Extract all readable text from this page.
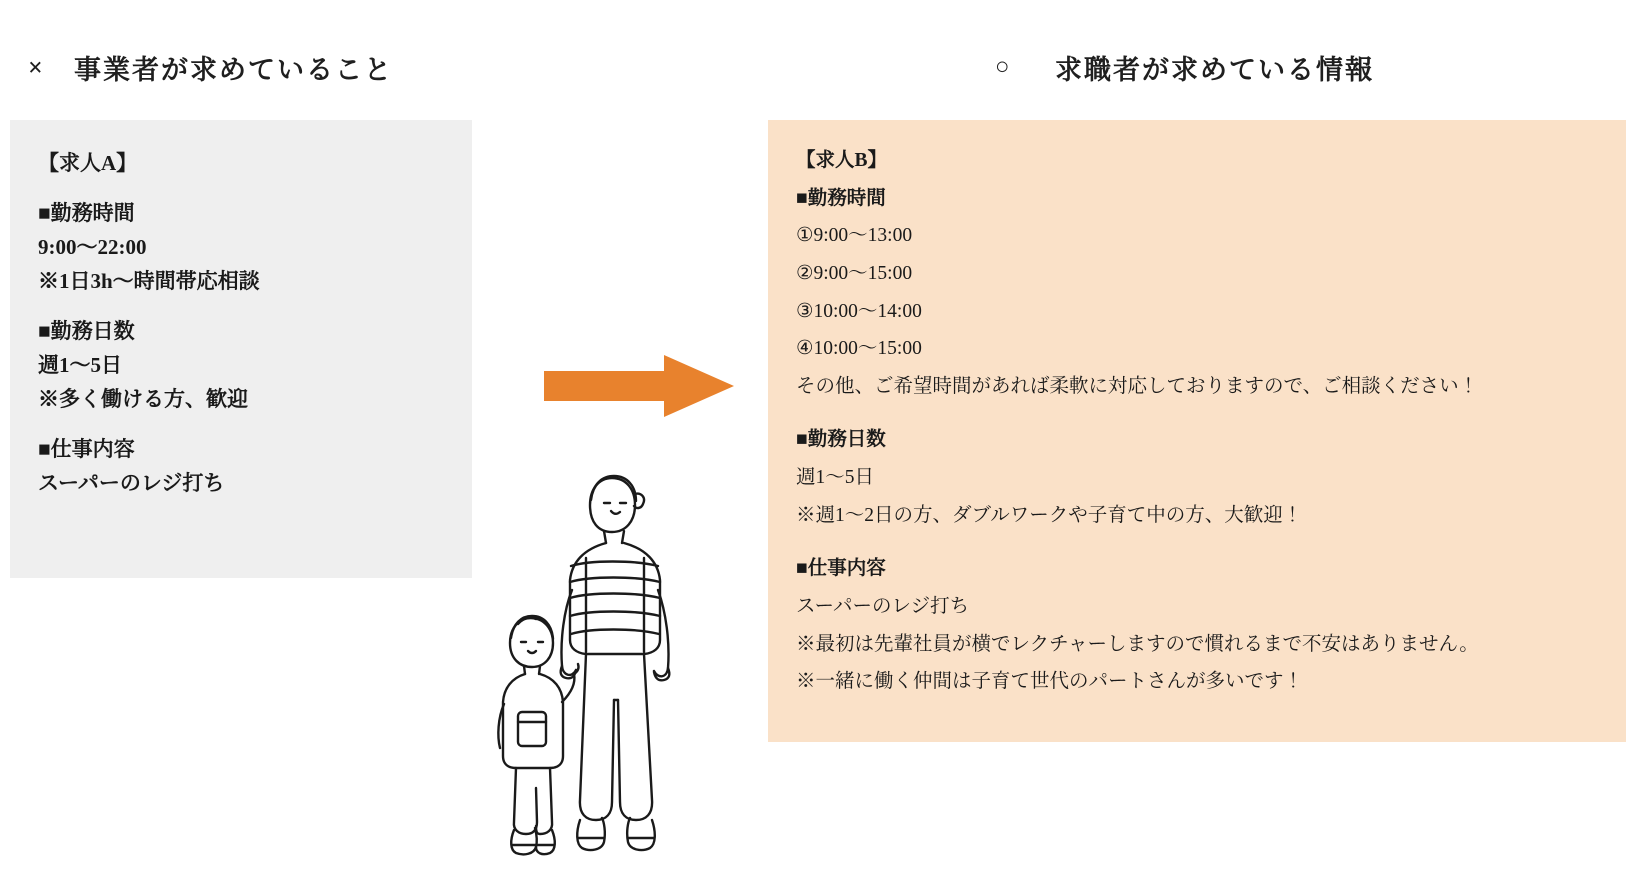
×	事業者が求めていること	○	求職者が求めている情報
【求人A】
■勤務時間
9:00〜22:00
※1日3h〜時間帯応相談
■勤務日数
週1〜5日
※多く働ける方、歓迎
■仕事内容
スーパーのレジ打ち
【求人B】
■勤務時間
①9:00〜13:00
②9:00〜15:00
③10:00〜14:00
④10:00〜15:00
その他、ご希望時間があれば柔軟に対応しておりますので、ご相談ください！
■勤務日数
週1〜5日
※週1〜2日の方、ダブルワークや子育て中の方、大歓迎！
■仕事内容
スーパーのレジ打ち
※最初は先輩社員が横でレクチャーしますので慣れるまで不安はありません。
※一緒に働く仲間は子育て世代のパートさんが多いです！
